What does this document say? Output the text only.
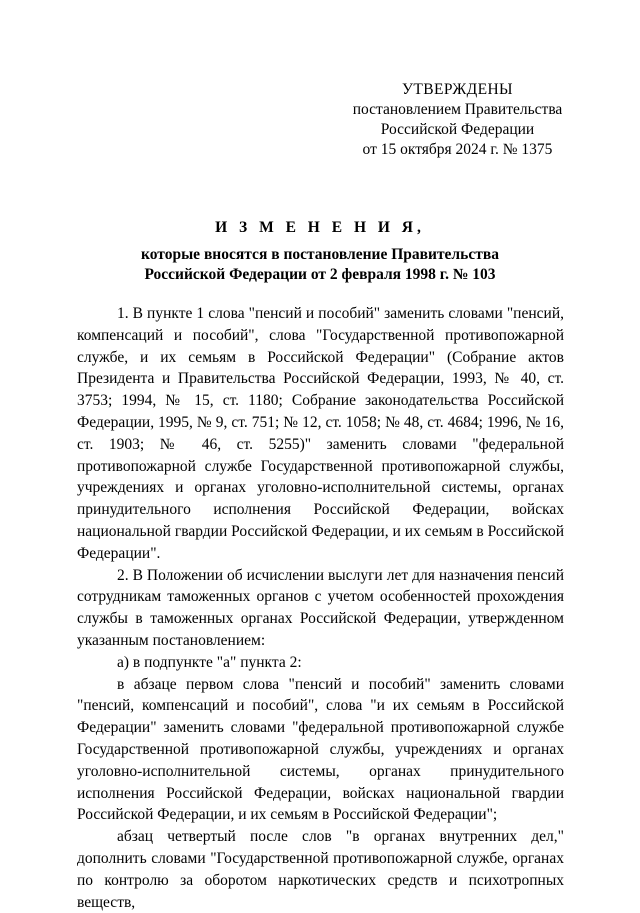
УТВЕРЖДЕНЫ
постановлением Правительства
Российской Федерации
от 15 октября 2024 г. № 1375
И З М Е Н Е Н И Я,
которые вносятся в постановление Правительства
Российской Федерации от 2 февраля 1998 г. № 103

1. В пункте 1 слова "пенсий и пособий" заменить словами "пенсий, компенсаций и пособий", слова "Государственной противопожарной службе, и их семьям в Российской Федерации" (Собрание актов Президента и Правительства Российской Федерации, 1993, № 40, ст. 3753; 1994, № 15, ст. 1180; Собрание законодательства Российской Федерации, 1995, № 9, ст. 751; № 12, ст. 1058; № 48, ст. 4684; 1996, № 16, ст. 1903; № 46, ст. 5255)" заменить словами "федеральной противопожарной службе Государственной противопожарной службы, учреждениях и органах уголовно-исполнительной системы, органах принудительного исполнения Российской Федерации, войсках национальной гвардии Российской Федерации, и их семьям в Российской Федерации".

2. В Положении об исчислении выслуги лет для назначения пенсий сотрудникам таможенных органов с учетом особенностей прохождения службы в таможенных органах Российской Федерации, утвержденном указанным постановлением:

а) в подпункте "а" пункта 2:

в абзаце первом слова "пенсий и пособий" заменить словами "пенсий, компенсаций и пособий", слова "и их семьям в Российской Федерации" заменить словами "федеральной противопожарной службе Государственной противопожарной службы, учреждениях и органах уголовно-исполнительной системы, органах принудительного исполнения Российской Федерации, войсках национальной гвардии Российской Федерации, и их семьям в Российской Федерации";

абзац четвертый после слов "в органах внутренних дел," дополнить словами "Государственной противопожарной службе, органах по контролю за оборотом наркотических средств и психотропных веществ,
